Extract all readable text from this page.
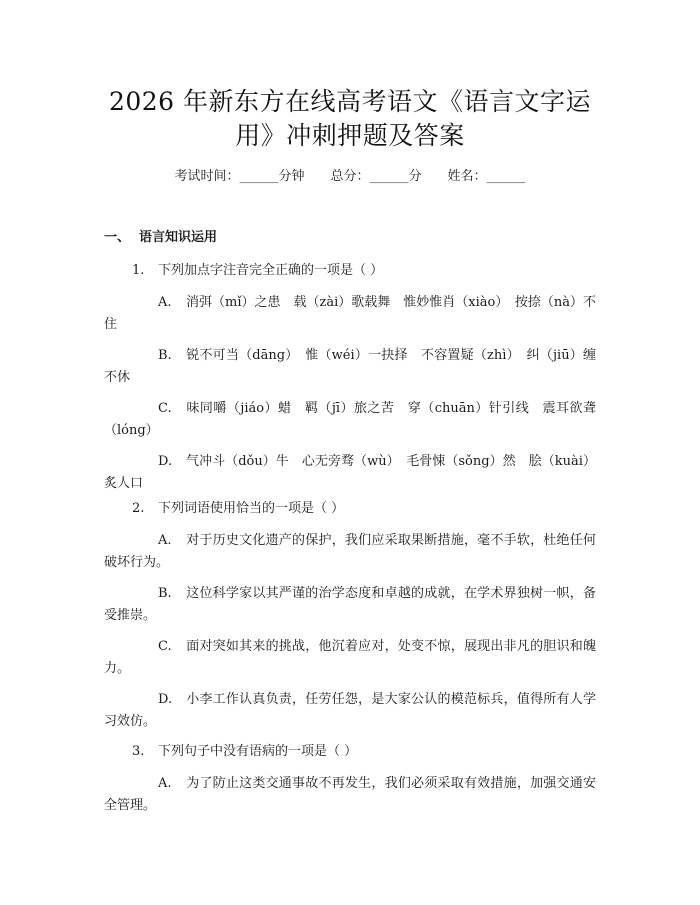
2026 年新东方在线高考语文《语言文字运
用》冲刺押题及答案
考试时间：______分钟 总分：______分 姓名：______
一、 语言知识运用
1. 下列加点字注音完全正确的一项是（ ）
A. 消弭（mǐ）之患　载（zài）歌载舞　惟妙惟肖（xiào）　按捺（nà）不住
B. 锐不可当（dāng）　惟（wéi）一抉择　不容置疑（zhì）　纠（jiū）缠不休
C. 味同嚼（jiáo）蜡　羁（jī）旅之苦　穿（chuān）针引线　震耳欲聋（lóng）
D. 气冲斗（dǒu）牛　心无旁骛（wù）　毛骨悚（sǒng）然　脍（kuài）炙人口
2. 下列词语使用恰当的一项是（ ）
A. 对于历史文化遗产的保护，我们应采取果断措施，毫不手软，杜绝任何破坏行为。
B. 这位科学家以其严谨的治学态度和卓越的成就，在学术界独树一帜，备受推崇。
C. 面对突如其来的挑战，他沉着应对，处变不惊，展现出非凡的胆识和魄力。
D. 小李工作认真负责，任劳任怨，是大家公认的模范标兵，值得所有人学习效仿。
3. 下列句子中没有语病的一项是（ ）
A. 为了防止这类交通事故不再发生，我们必须采取有效措施，加强交通安全管理。
